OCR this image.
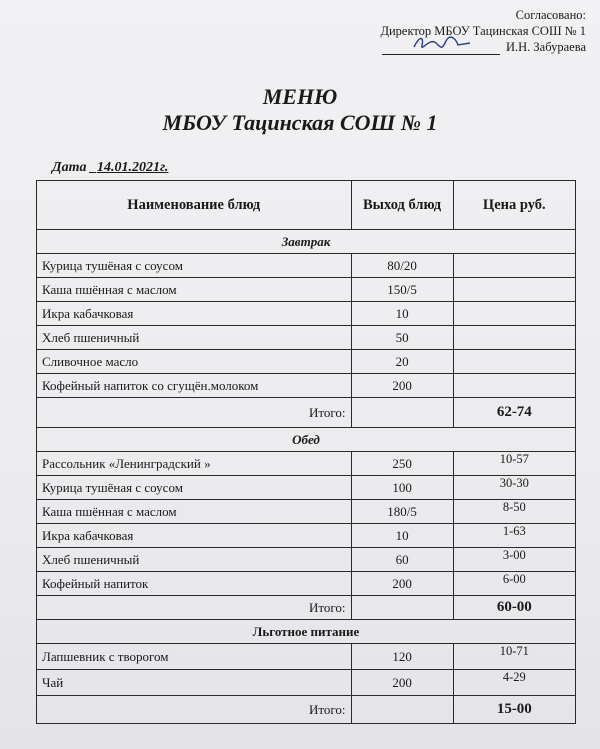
Согласовано:
Директор МБОУ Тацинская СОШ № 1
И.Н. Забураева
МЕНЮ
МБОУ Тацинская СОШ № 1
Дата _14.01.2021г.
Наименование блюд	Выход блюд	Цена руб.
Завтрак		
Курица тушёная с соусом	80/20	
Каша пшённая с маслом	150/5	
Икра кабачковая	10	
Хлеб пшеничный	50	
Сливочное масло	20	
Кофейный напиток со сгущён.молоком	200	
Итого:		62-74
Обед		
Рассольник «Ленинградский »	250	10-57
Курица тушёная с соусом	100	30-30
Каша пшённая с маслом	180/5	8-50
Икра кабачковая	10	1-63
Хлеб пшеничный	60	3-00
Кофейный напиток	200	6-00
Итого:		60-00
Льготное питание		
Лапшевник с творогом	120	10-71
Чай	200	4-29
Итого:		15-00
